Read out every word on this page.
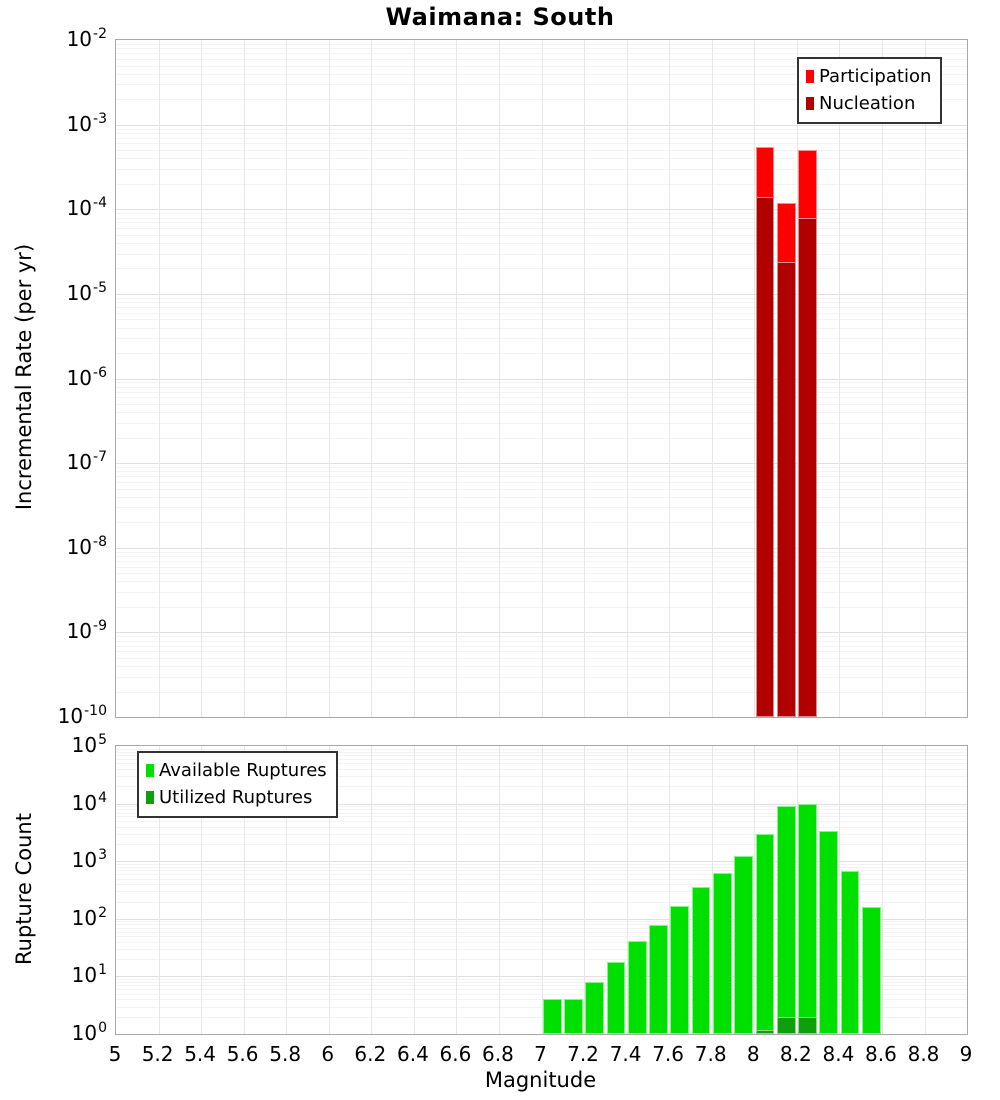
Waimana: South
Incremental Rate (per yr)
Rupture Count
$10^{-2}$
$10^{-3}$
$10^{-4}$
$10^{-5}$
$10^{-6}$
$10^{-7}$
$10^{-8}$
$10^{-9}$
$10^{-10}$
$10^5$
$10^4$
$10^3$
$10^2$
$10^1$
$10^0$
5	5.2 5.4 5.6 5.8	6	6.2 6.4 6.6 6.8	7	7.2 7.4 7.6 7.8	8	8.2 8.4 8.6 8.8	9
Participation
Nucleation
Available Ruptures
Utilized Ruptures
Magnitude
